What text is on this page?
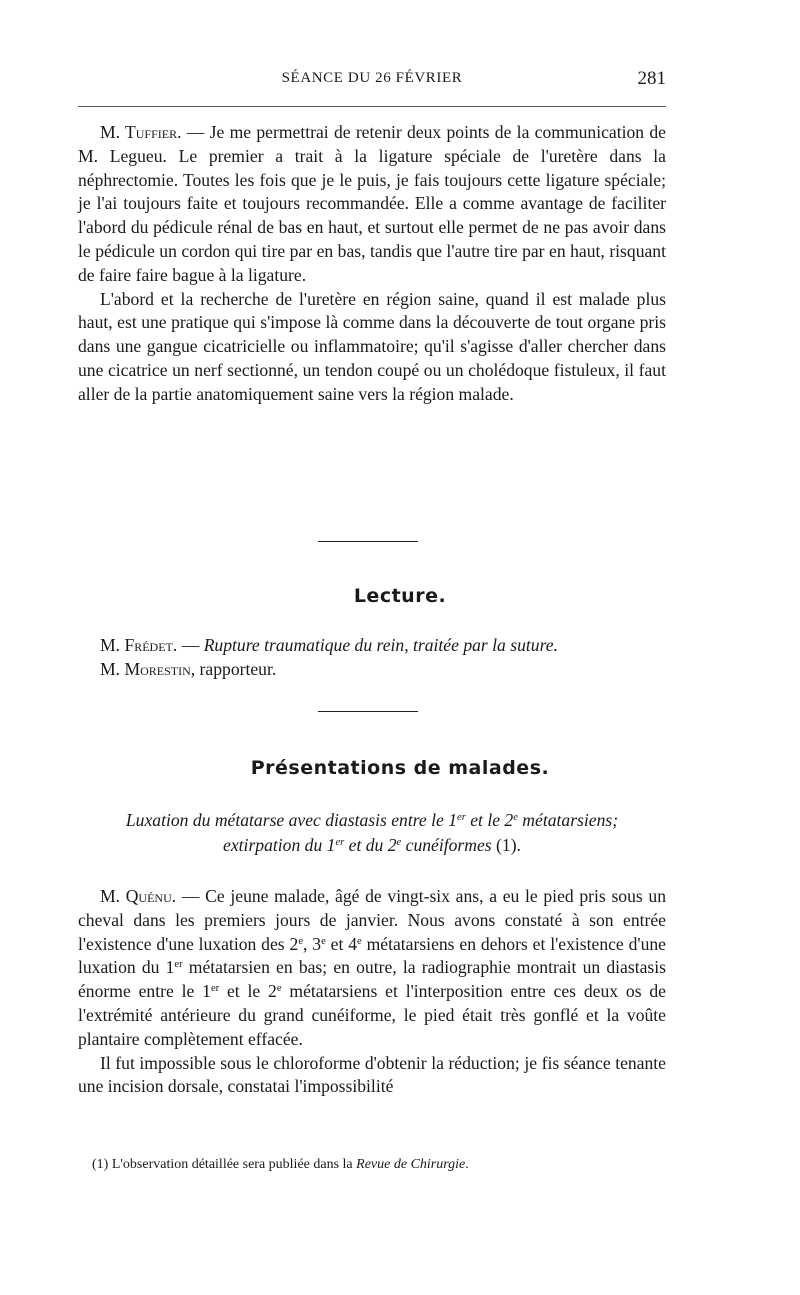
SÉANCE DU 26 FÉVRIER	281

M. Tuffier. — Je me permettrai de retenir deux points de la communication de M. Legueu. Le premier a trait à la ligature spéciale de l'uretère dans la néphrectomie. Toutes les fois que je le puis, je fais toujours cette ligature spéciale; je l'ai toujours faite et toujours recommandée. Elle a comme avantage de faciliter l'abord du pédicule rénal de bas en haut, et surtout elle permet de ne pas avoir dans le pédicule un cordon qui tire par en bas, tandis que l'autre tire par en haut, risquant de faire faire bague à la ligature.

L'abord et la recherche de l'uretère en région saine, quand il est malade plus haut, est une pratique qui s'impose là comme dans la découverte de tout organe pris dans une gangue cicatricielle ou inflammatoire; qu'il s'agisse d'aller chercher dans une cicatrice un nerf sectionné, un tendon coupé ou un cholédoque fistuleux, il faut aller de la partie anatomiquement saine vers la région malade.

Lecture.

M. Frédet. — Rupture traumatique du rein, traitée par la suture.

M. Morestin, rapporteur.

Présentations de malades.
Luxation du métatarse avec diastasis entre le 1er et le 2e métatarsiens;
extirpation du 1er et du 2e cunéiformes (1).

M. Quénu. — Ce jeune malade, âgé de vingt-six ans, a eu le pied pris sous un cheval dans les premiers jours de janvier. Nous avons constaté à son entrée l'existence d'une luxation des 2e, 3e et 4e métatarsiens en dehors et l'existence d'une luxation du 1er métatarsien en bas; en outre, la radiographie montrait un diastasis énorme entre le 1er et le 2e métatarsiens et l'interposition entre ces deux os de l'extrémité antérieure du grand cunéiforme, le pied était très gonflé et la voûte plantaire complètement effacée.

Il fut impossible sous le chloroforme d'obtenir la réduction; je fis séance tenante une incision dorsale, constatai l'impossibilité

(1) L'observation détaillée sera publiée dans la Revue de Chirurgie.
